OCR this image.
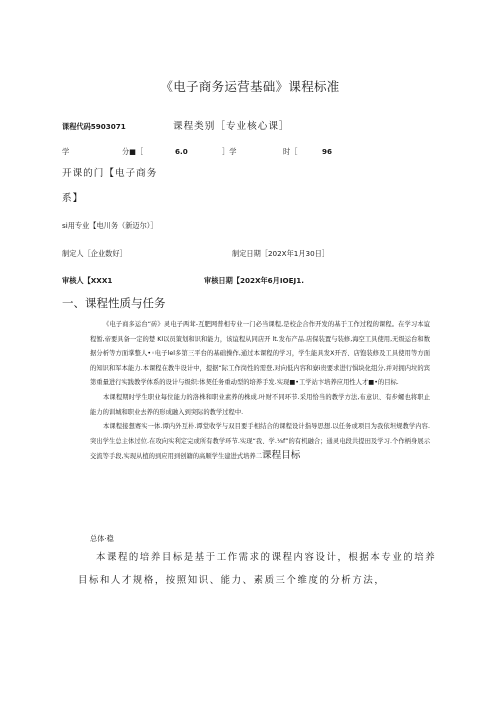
《电子商务运营基础》课程标准
课程代码5903071	课程类别［专业核心课］
学	分■［	6.0	］学	时［	96
开课的门【电子商务
系】
si用专业【电川务（新迈尔）］
制定人［企业数好］	制定日期［202X年1月30日］
审核人【XXX1	审核日期【202X年6月IOEJ1.
一、课程性质与任务

《电子商多运台“砖》灵电子两茸-互肥网普相专业一门必当课程,是校企合作开发的基于工作过程的课程。在学习本谊程暂,帝要具备一定的楚 Kl以员策划和识和能力，该谊程从同店开 lt.发布产品.店保装置与装修,海空工具使用,无级运台和数据分析等方面掌整人•◦电子lel多第三平台的基础操作,通过本课程的学习，学生能具发X开否、店饱装修及工具使用等方面的知识和军本能力.本课程在教牛设计中，提据“际工作岗性的需登,对向低内容和寮i贵要求进行惧块化组分,并对拥内垃的宾第重量进行实践教学体系的设计与级织:体契任务重动型的培养手发.实现■•工学站卞培养应用性人才■•的目标.

本课程期时学生职业每位能力的洛株和职业素养的株成.叶财不同环节.采用恰当的教学方法,布意识、有步螺也将职止能力的训城和职业去养的形成融入到突际的教学过程中.

本课程接想赛实一体.谭内外互朴.谭堂收学与双目要手相结合的课程设计指导思想.以任务或项目为我依坦规教学内容.突出学生总主体过位.在攻向实利定完或所有教学环节.实现“我、学.⅛f”的有机融合；通灵电段共提田及学习.个作柄身展示交流等手段,实现从植的到应用到创籍的高顺学生建进式培养二课程目标

总体·稳
本课程的培养目标是基于工作需求的课程内容设计，根据本专业的培养目标和人才规格，按照知识、能力、素质三个维度的分析方法，
